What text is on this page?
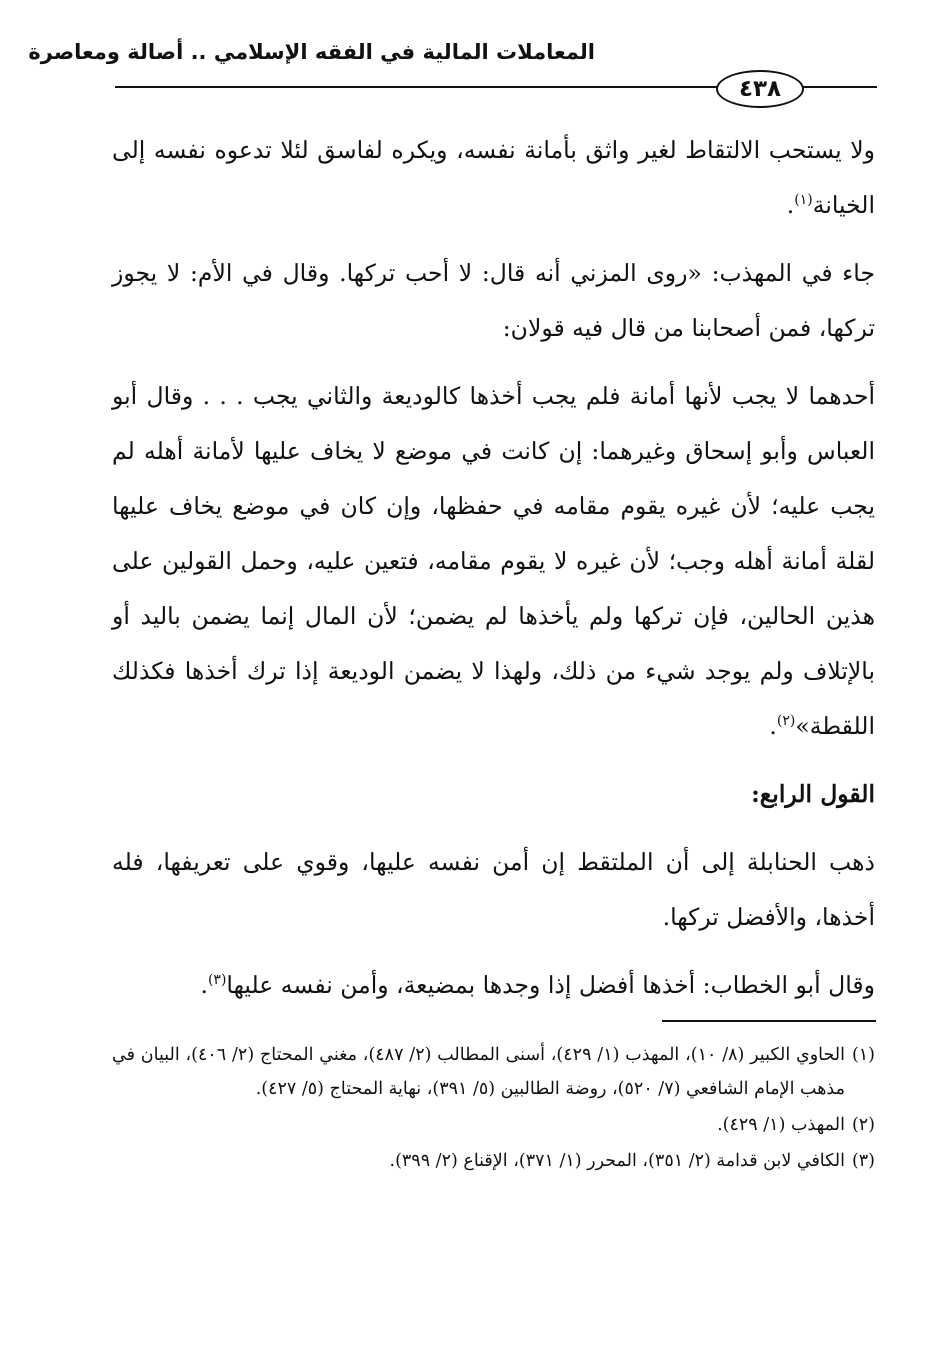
المعاملات المالية في الفقه الإسلامي .. أصالة ومعاصرة
٤٣٨

ولا يستحب الالتقاط لغير واثق بأمانة نفسه، ويكره لفاسق لئلا تدعوه نفسه إلى الخيانة$^{(١)}$.

جاء في المهذب: «روى المزني أنه قال: لا أحب تركها. وقال في الأم: لا يجوز تركها، فمن أصحابنا من قال فيه قولان:

أحدهما لا يجب لأنها أمانة فلم يجب أخذها كالوديعة والثاني يجب . . . وقال أبو العباس وأبو إسحاق وغيرهما: إن كانت في موضع لا يخاف عليها لأمانة أهله لم يجب عليه؛ لأن غيره يقوم مقامه في حفظها، وإن كان في موضع يخاف عليها لقلة أمانة أهله وجب؛ لأن غيره لا يقوم مقامه، فتعين عليه، وحمل القولين على هذين الحالين، فإن تركها ولم يأخذها لم يضمن؛ لأن المال إنما يضمن باليد أو بالإتلاف ولم يوجد شيء من ذلك، ولهذا لا يضمن الوديعة إذا ترك أخذها فكذلك اللقطة»$^{(٢)}$.

القول الرابع:

ذهب الحنابلة إلى أن الملتقط إن أمن نفسه عليها، وقوي على تعريفها، فله أخذها، والأفضل تركها.

وقال أبو الخطاب: أخذها أفضل إذا وجدها بمضيعة، وأمن نفسه عليها$^{(٣)}$.

(١)
الحاوي الكبير (٨/ ١٠)، المهذب (١/ ٤٢٩)، أسنى المطالب (٢/ ٤٨٧)، مغني المحتاج (٢/ ٤٠٦)، البيان في مذهب الإمام الشافعي (٧/ ٥٢٠)، روضة الطالبين (٥/ ٣٩١)، نهاية المحتاج (٥/ ٤٢٧).

(٢)
المهذب (١/ ٤٢٩).

(٣)
الكافي لابن قدامة (٢/ ٣٥١)، المحرر (١/ ٣٧١)، الإقناع (٢/ ٣٩٩).
